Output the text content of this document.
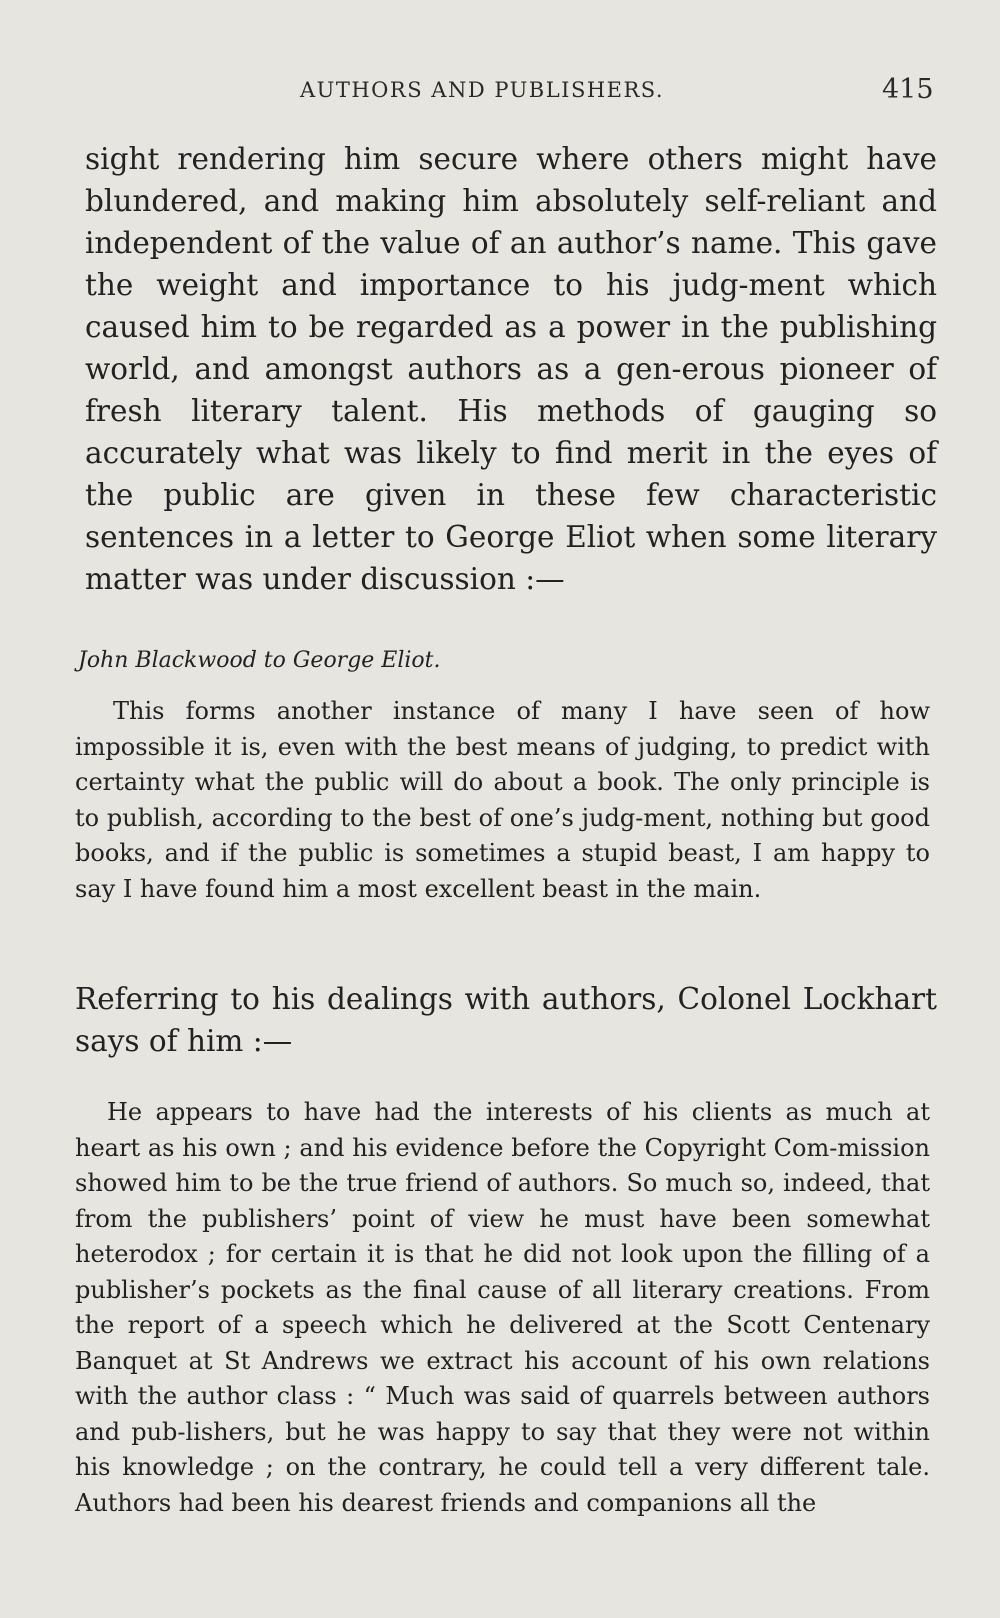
AUTHORS AND PUBLISHERS.	415

sight rendering him secure where others might have blundered, and making him absolutely self-reliant and independent of the value of an author’s name. This gave the weight and importance to his judg-ment which caused him to be regarded as a power in the publishing world, and amongst authors as a gen-erous pioneer of fresh literary talent. His methods of gauging so accurately what was likely to find merit in the eyes of the public are given in these few characteristic sentences in a letter to George Eliot when some literary matter was under discussion :—

John Blackwood to George Eliot.

This forms another instance of many I have seen of how impossible it is, even with the best means of judging, to predict with certainty what the public will do about a book. The only principle is to publish, according to the best of one’s judg-ment, nothing but good books, and if the public is sometimes a stupid beast, I am happy to say I have found him a most excellent beast in the main.

Referring to his dealings with authors, Colonel Lockhart says of him :—

He appears to have had the interests of his clients as much at heart as his own ; and his evidence before the Copyright Com-mission showed him to be the true friend of authors. So much so, indeed, that from the publishers’ point of view he must have been somewhat heterodox ; for certain it is that he did not look upon the filling of a publisher’s pockets as the final cause of all literary creations. From the report of a speech which he delivered at the Scott Centenary Banquet at St Andrews we extract his account of his own relations with the author class : “ Much was said of quarrels between authors and pub-lishers, but he was happy to say that they were not within his knowledge ; on the contrary, he could tell a very different tale. Authors had been his dearest friends and companions all the
